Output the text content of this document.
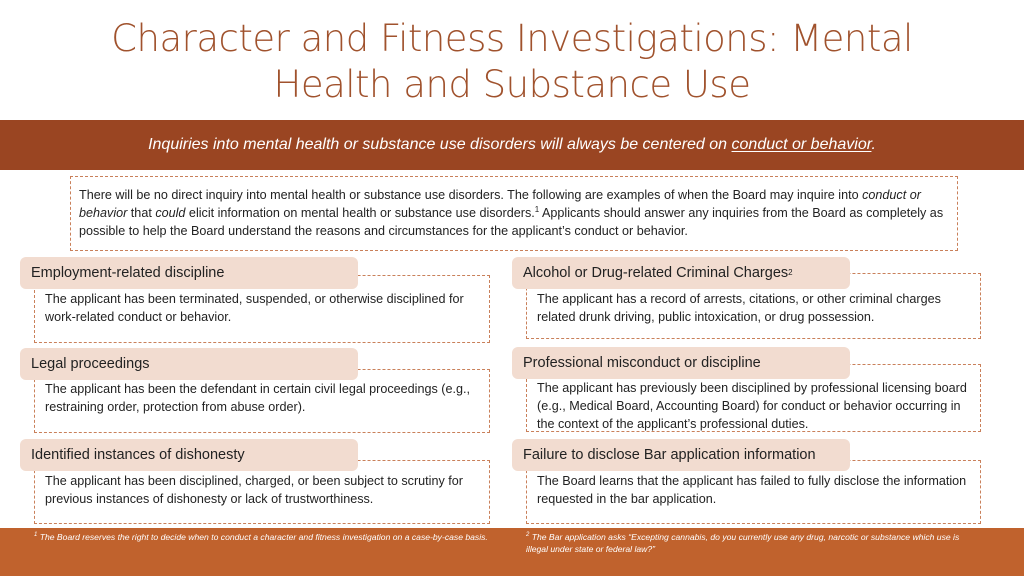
Character and Fitness Investigations: Mental
Health and Substance Use
Inquiries into mental health or substance use disorders will always be centered on conduct or behavior.
There will be no direct inquiry into mental health or substance use disorders. The following are examples of when the Board may inquire into conduct or behavior that could elicit information on mental health or substance use disorders.$^1$ Applicants should answer any inquiries from the Board as completely as possible to help the Board understand the reasons and circumstances for the applicant’s conduct or behavior.
The applicant has been terminated, suspended, or otherwise disciplined for work-related conduct or behavior.
Employment-related discipline
The applicant has been the defendant in certain civil legal proceedings (e.g., restraining order, protection from abuse order).
Legal proceedings
The applicant has been disciplined, charged, or been subject to scrutiny for previous instances of dishonesty or lack of trustworthiness.
Identified instances of dishonesty
The applicant has a record of arrests, citations, or other criminal charges related drunk driving, public intoxication, or drug possession.
Alcohol or Drug-related Criminal Charges 2
The applicant has previously been disciplined by professional licensing board (e.g., Medical Board, Accounting Board) for conduct or behavior occurring in the context of the applicant’s professional duties.
Professional misconduct or discipline
The Board learns that the applicant has failed to fully disclose the information requested in the bar application.
Failure to disclose Bar application information
$^1$ The Board reserves the right to decide when to conduct a character and fitness investigation on a case-by-case basis.	$^2$ The Bar application asks “Excepting cannabis, do you currently use any drug, narcotic or substance which use is illegal under state or federal law?”
